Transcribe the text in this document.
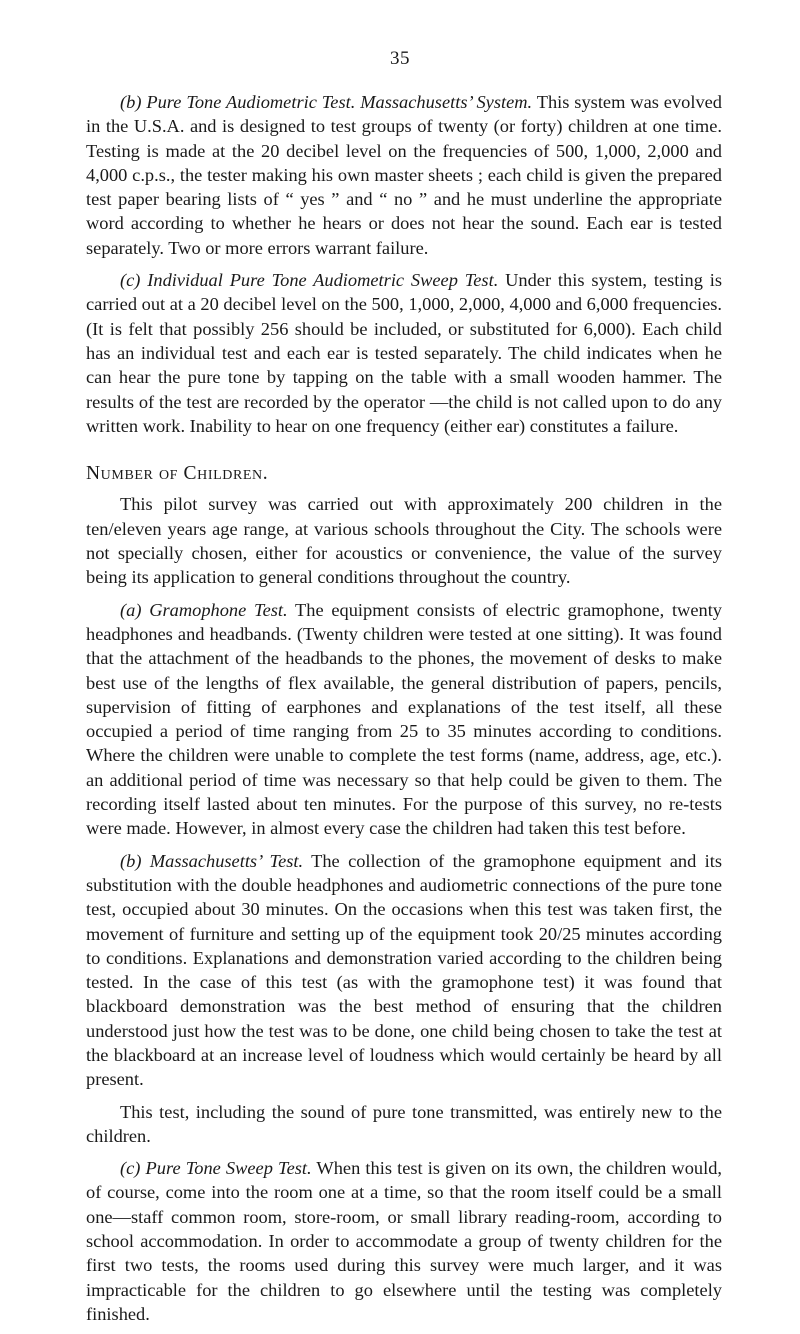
35

(b) Pure Tone Audiometric Test. Massachusetts’ System. This system was evolved in the U.S.A. and is designed to test groups of twenty (or forty) children at one time. Testing is made at the 20 decibel level on the frequencies of 500, 1,000, 2,000 and 4,000 c.p.s., the tester making his own master sheets ; each child is given the prepared test paper bearing lists of “ yes ” and “ no ” and he must underline the appropriate word according to whether he hears or does not hear the sound. Each ear is tested separately. Two or more errors warrant failure.

(c) Individual Pure Tone Audiometric Sweep Test. Under this system, testing is carried out at a 20 decibel level on the 500, 1,000, 2,000, 4,000 and 6,000 frequencies. (It is felt that possibly 256 should be included, or substituted for 6,000). Each child has an individual test and each ear is tested separately. The child indicates when he can hear the pure tone by tapping on the table with a small wooden hammer. The results of the test are recorded by the operator —the child is not called upon to do any written work. Inability to hear on one frequency (either ear) constitutes a failure.

Number of Children.

This pilot survey was carried out with approximately 200 children in the ten/eleven years age range, at various schools throughout the City. The schools were not specially chosen, either for acoustics or convenience, the value of the survey being its application to general conditions throughout the country.

(a) Gramophone Test. The equipment consists of electric gramophone, twenty headphones and headbands. (Twenty children were tested at one sitting). It was found that the attachment of the headbands to the phones, the movement of desks to make best use of the lengths of flex available, the general distribution of papers, pencils, supervision of fitting of earphones and explanations of the test itself, all these occupied a period of time ranging from 25 to 35 minutes according to conditions. Where the children were unable to complete the test forms (name, address, age, etc.). an additional period of time was necessary so that help could be given to them. The recording itself lasted about ten minutes. For the purpose of this survey, no re-tests were made. However, in almost every case the children had taken this test before.

(b) Massachusetts’ Test. The collection of the gramophone equipment and its substitution with the double headphones and audiometric connections of the pure tone test, occupied about 30 minutes. On the occasions when this test was taken first, the movement of furniture and setting up of the equipment took 20/25 minutes according to conditions. Explanations and demonstration varied according to the children being tested. In the case of this test (as with the gramophone test) it was found that blackboard demonstration was the best method of ensuring that the children understood just how the test was to be done, one child being chosen to take the test at the blackboard at an increase level of loudness which would certainly be heard by all present.

This test, including the sound of pure tone transmitted, was entirely new to the children.

(c) Pure Tone Sweep Test. When this test is given on its own, the children would, of course, come into the room one at a time, so that the room itself could be a small one—staff common room, store-room, or small library reading-room, according to school accommodation. In order to accommodate a group of twenty children for the first two tests, the rooms used during this survey were much larger, and it was impracticable for the children to go elsewhere until the testing was completely finished.
